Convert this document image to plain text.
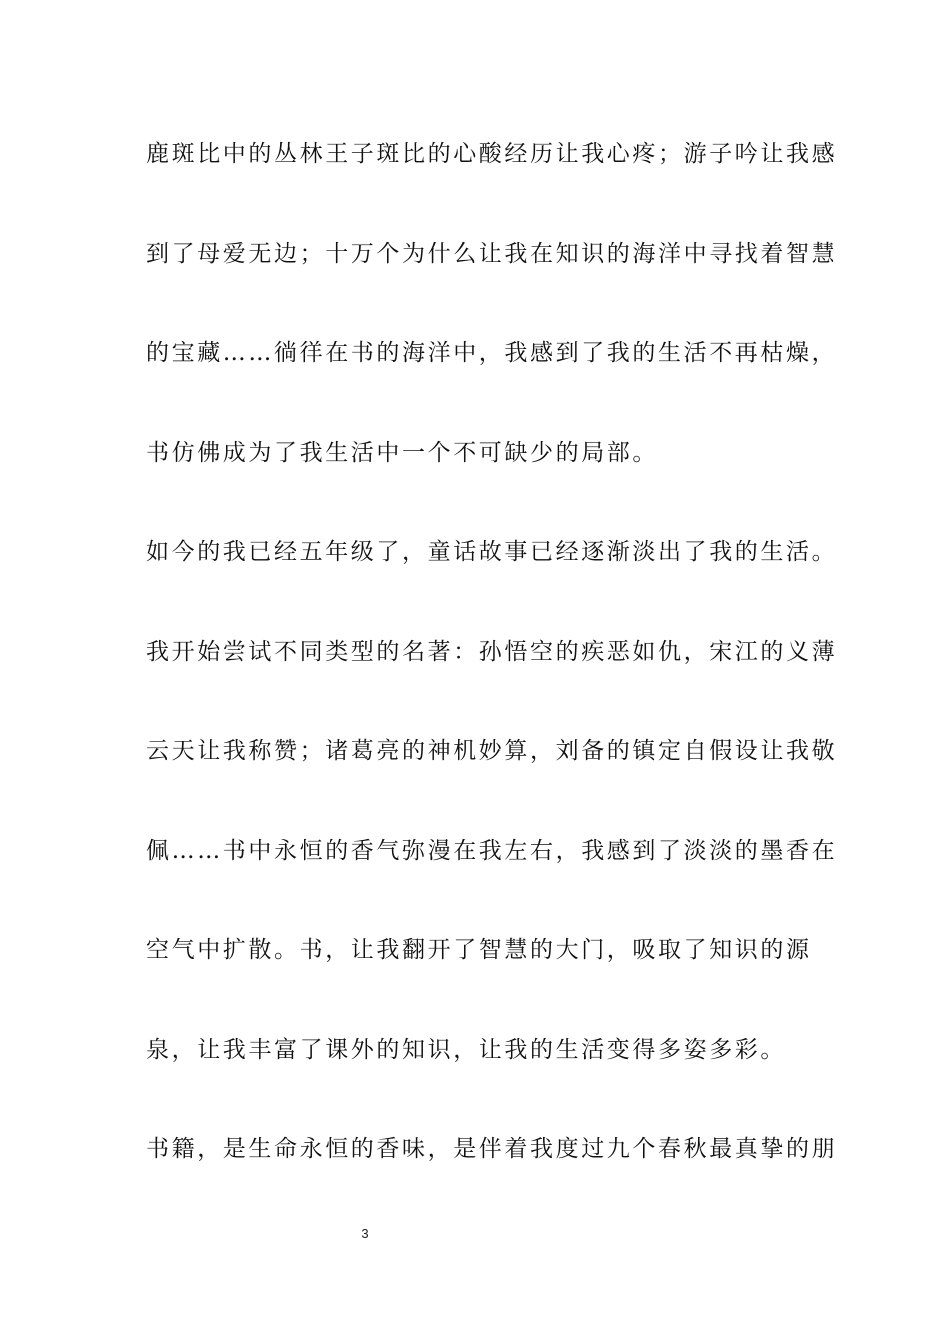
鹿斑比中的丛林王子斑比的心酸经历让我心疼；游子吟让我感
到了母爱无边；十万个为什么让我在知识的海洋中寻找着智慧
的宝藏……徜徉在书的海洋中，我感到了我的生活不再枯燥，
书仿佛成为了我生活中一个不可缺少的局部。
如今的我已经五年级了，童话故事已经逐渐淡出了我的生活。
我开始尝试不同类型的名著：孙悟空的疾恶如仇，宋江的义薄
云天让我称赞；诸葛亮的神机妙算，刘备的镇定自假设让我敬
佩……书中永恒的香气弥漫在我左右，我感到了淡淡的墨香在
空气中扩散。书，让我翻开了智慧的大门，吸取了知识的源
泉，让我丰富了课外的知识，让我的生活变得多姿多彩。
书籍，是生命永恒的香味，是伴着我度过九个春秋最真挚的朋
3
